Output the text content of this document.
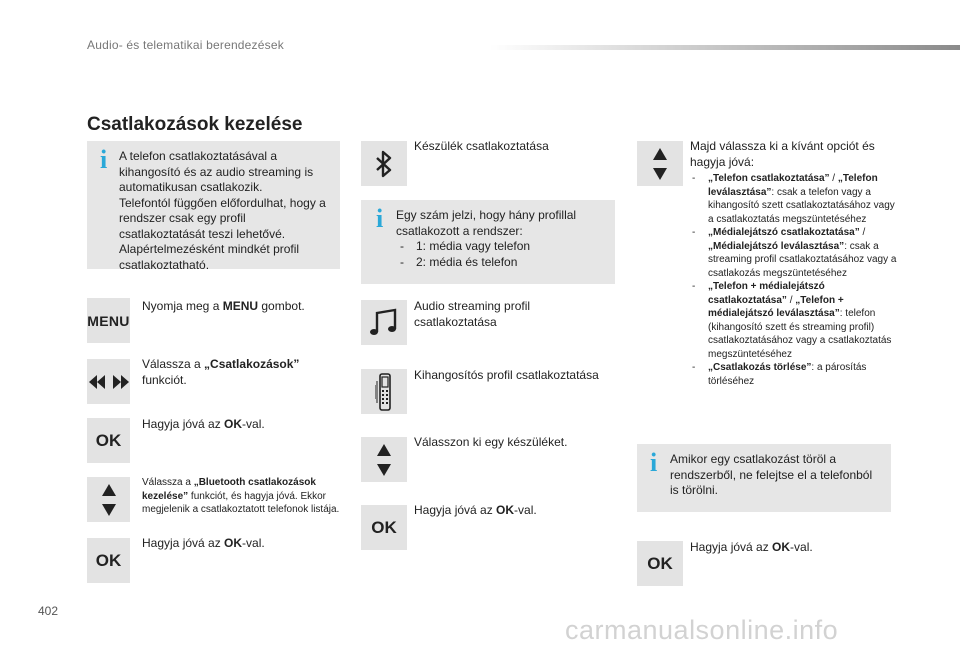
Audio- és telematikai berendezések
Csatlakozások kezelése
i A telefon csatlakoztatásával a kihangosító és az audio streaming is automatikusan csatlakozik.
Telefontól függően előfordulhat, hogy a rendszer csak egy profil csatlakoztatását teszi lehetővé. Alapértelmezésként mindkét profil csatlakoztatható.
MENU
Nyomja meg a MENU gombot.
Válassza a „Csatlakozások” funkciót.
OK
Hagyja jóvá az OK-val.
Válassza a „Bluetooth csatlakozások kezelése” funkciót, és hagyja jóvá. Ekkor megjelenik a csatlakoztatott telefonok listája.
OK
Hagyja jóvá az OK-val.
Készülék csatlakoztatása
i Egy szám jelzi, hogy hány profillal csatlakozott a rendszer:
- 1: média vagy telefon
- 2: média és telefon
Audio streaming profil csatlakoztatása
Kihangosítós profil csatlakoztatása
Válasszon ki egy készüléket.
OK
Hagyja jóvá az OK-val.
Majd válassza ki a kívánt opciót és hagyja jóvá:
- „Telefon csatlakoztatása” / „Telefon leválasztása”: csak a telefon vagy a kihangosító szett csatlakoztatásához vagy a csatlakoztatás megszüntetéséhez
- „Médialejátszó csatlakoztatása” / „Médialejátszó leválasztása”: csak a streaming profil csatlakoztatásához vagy a csatlakozás megszüntetéséhez
- „Telefon + médialejátszó csatlakoztatása” / „Telefon + médialejátszó leválasztása”: telefon (kihangosító szett és streaming profil) csatlakoztatásához vagy a csatlakoztatás megszüntetéséhez
- „Csatlakozás törlése”: a párosítás törléséhez
i Amikor egy csatlakozást töröl a rendszerből, ne felejtse el a telefonból is törölni.
OK
Hagyja jóvá az OK-val.
402
carmanualsonline.info
